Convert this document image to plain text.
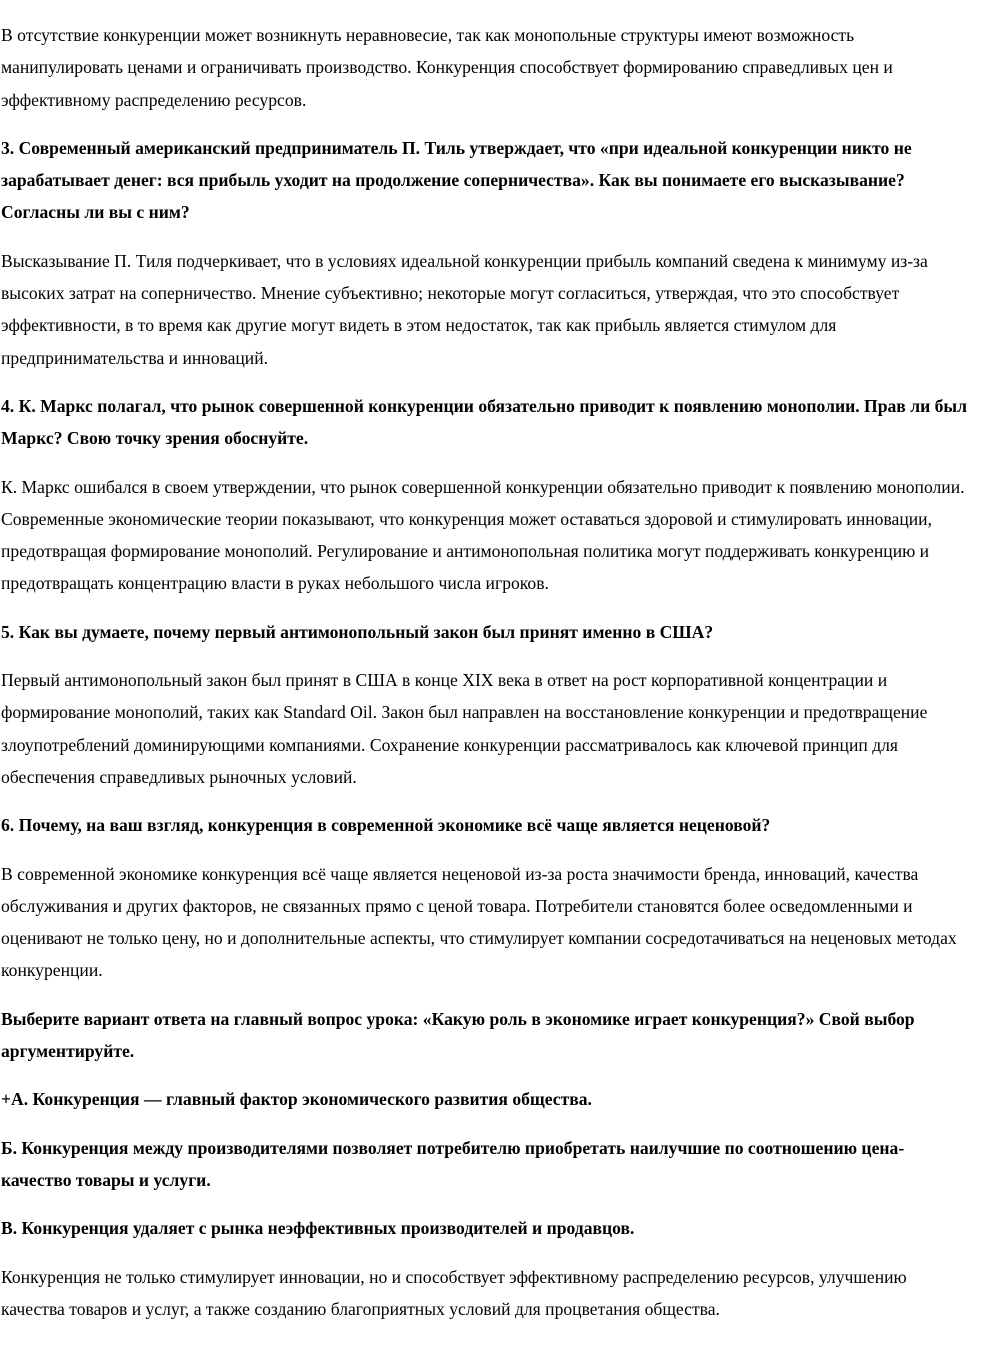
В отсутствие конкуренции может возникнуть неравновесие, так как монопольные структуры имеют возможность манипулировать ценами и ограничивать производство. Конкуренция способствует формированию справедливых цен и эффективному распределению ресурсов.

3. Современный американский предприниматель П. Тиль утверждает, что «при идеальной конкуренции никто не зарабатывает денег: вся прибыль уходит на продолжение соперничества». Как вы понимаете его высказывание? Согласны ли вы с ним?

Высказывание П. Тиля подчеркивает, что в условиях идеальной конкуренции прибыль компаний сведена к минимуму из-за высоких затрат на соперничество. Мнение субъективно; некоторые могут согласиться, утверждая, что это способствует эффективности, в то время как другие могут видеть в этом недостаток, так как прибыль является стимулом для предпринимательства и инноваций.

4. К. Маркс полагал, что рынок совершенной конкуренции обязательно приводит к появлению монополии. Прав ли был Маркс? Свою точку зрения обоснуйте.

К. Маркс ошибался в своем утверждении, что рынок совершенной конкуренции обязательно приводит к появлению монополии. Современные экономические теории показывают, что конкуренция может оставаться здоровой и стимулировать инновации, предотвращая формирование монополий. Регулирование и антимонопольная политика могут поддерживать конкуренцию и предотвращать концентрацию власти в руках небольшого числа игроков.

5. Как вы думаете, почему первый антимонопольный закон был принят именно в США?

Первый антимонопольный закон был принят в США в конце XIX века в ответ на рост корпоративной концентрации и формирование монополий, таких как Standard Oil. Закон был направлен на восстановление конкуренции и предотвращение злоупотреблений доминирующими компаниями. Сохранение конкуренции рассматривалось как ключевой принцип для обеспечения справедливых рыночных условий.

6. Почему, на ваш взгляд, конкуренция в современной экономике всё чаще является неценовой?

В современной экономике конкуренция всё чаще является неценовой из-за роста значимости бренда, инноваций, качества обслуживания и других факторов, не связанных прямо с ценой товара. Потребители становятся более осведомленными и оценивают не только цену, но и дополнительные аспекты, что стимулирует компании сосредотачиваться на неценовых методах конкуренции.

Выберите вариант ответа на главный вопрос урока: «Какую роль в экономике играет конкуренция?» Свой выбор аргументируйте.

+А. Конкуренция — главный фактор экономического развития общества.

Б. Конкуренция между производителями позволяет потребителю приобретать наилучшие по соотношению цена-качество товары и услуги.

В. Конкуренция удаляет с рынка неэффективных производителей и продавцов.

Конкуренция не только стимулирует инновации, но и способствует эффективному распределению ресурсов, улучшению качества товаров и услуг, а также созданию благоприятных условий для процветания общества.
